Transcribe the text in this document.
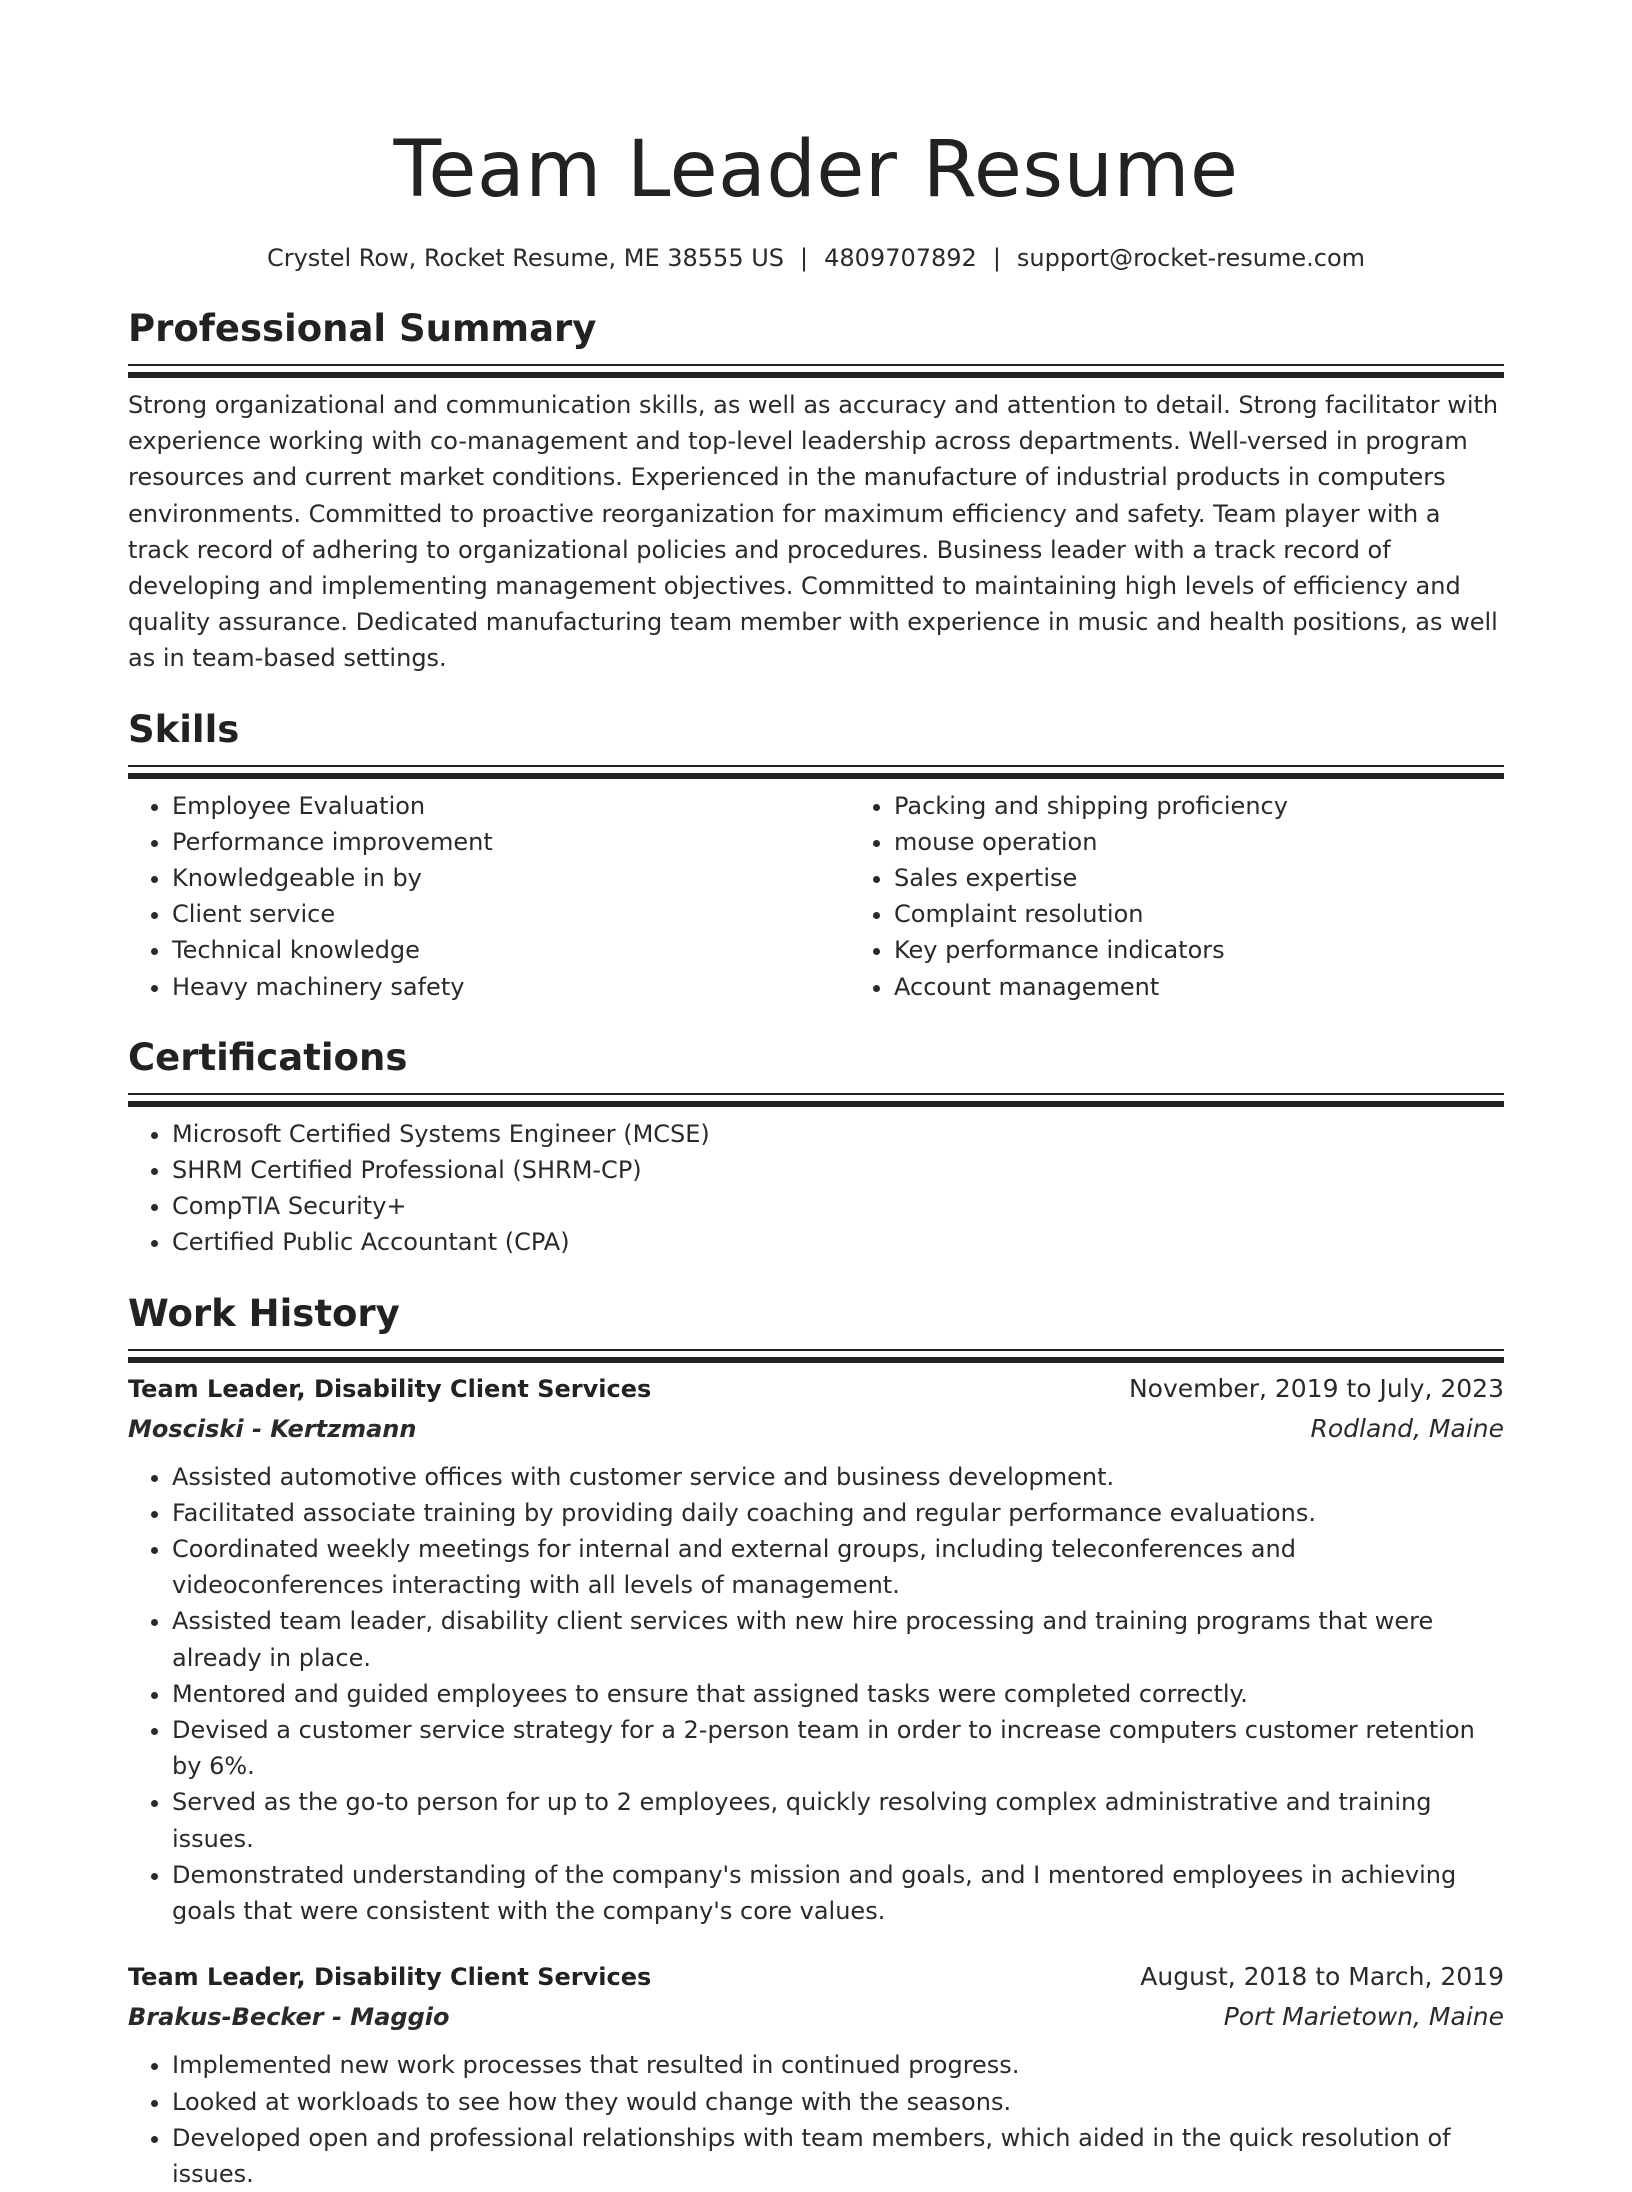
Team Leader Resume
Crystel Row, Rocket Resume, ME 38555 US | 4809707892 | support@rocket-resume.com
Professional Summary

Strong organizational and communication skills, as well as accuracy and attention to detail. Strong facilitator with experience working with co-management and top-level leadership across departments. Well-versed in program resources and current market conditions. Experienced in the manufacture of industrial products in computers environments. Committed to proactive reorganization for maximum efficiency and safety. Team player with a track record of adhering to organizational policies and procedures. Business leader with a track record of developing and implementing management objectives. Committed to maintaining high levels of efficiency and quality assurance. Dedicated manufacturing team member with experience in music and health positions, as well as in team-based settings.

Skills
• Employee Evaluation
• Performance improvement
• Knowledgeable in by
• Client service
• Technical knowledge
• Heavy machinery safety
• Packing and shipping proficiency
• mouse operation
• Sales expertise
• Complaint resolution
• Key performance indicators
• Account management
Certifications
• Microsoft Certified Systems Engineer (MCSE)
• SHRM Certified Professional (SHRM-CP)
• CompTIA Security+
• Certified Public Accountant (CPA)
Work History
Team Leader, Disability Client Services	November, 2019 to July, 2023
Mosciski - Kertzmann	Rodland, Maine
• Assisted automotive offices with customer service and business development.
• Facilitated associate training by providing daily coaching and regular performance evaluations.
• Coordinated weekly meetings for internal and external groups, including teleconferences and videoconferences interacting with all levels of management.
• Assisted team leader, disability client services with new hire processing and training programs that were already in place.
• Mentored and guided employees to ensure that assigned tasks were completed correctly.
• Devised a customer service strategy for a 2-person team in order to increase computers customer retention by 6%.
• Served as the go-to person for up to 2 employees, quickly resolving complex administrative and training issues.
• Demonstrated understanding of the company's mission and goals, and I mentored employees in achieving goals that were consistent with the company's core values.
Team Leader, Disability Client Services	August, 2018 to March, 2019
Brakus-Becker - Maggio	Port Marietown, Maine
• Implemented new work processes that resulted in continued progress.
• Looked at workloads to see how they would change with the seasons.
• Developed open and professional relationships with team members, which aided in the quick resolution of issues.
